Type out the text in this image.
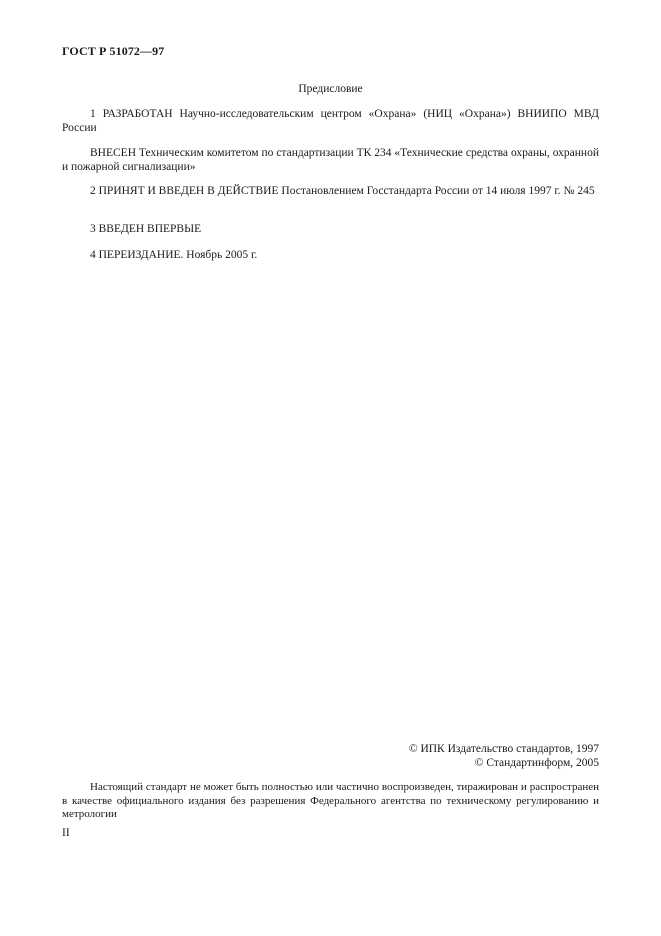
ГОСТ Р 51072—97
Предисловие
1 РАЗРАБОТАН Научно-исследовательским центром «Охрана» (НИЦ «Охрана») ВНИИПО МВД России
ВНЕСЕН Техническим комитетом по стандартизации ТК 234 «Технические средства охраны, охранной и пожарной сигнализации»
2 ПРИНЯТ И ВВЕДЕН В ДЕЙСТВИЕ Постановлением Госстандарта России от 14 июля 1997 г. № 245
3 ВВЕДЕН ВПЕРВЫЕ
4 ПЕРЕИЗДАНИЕ. Ноябрь 2005 г.
© ИПК Издательство стандартов, 1997
© Стандартинформ, 2005
Настоящий стандарт не может быть полностью или частично воспроизведен, тиражирован и распространен в качестве официального издания без разрешения Федерального агентства по техническому регулированию и метрологии
II
